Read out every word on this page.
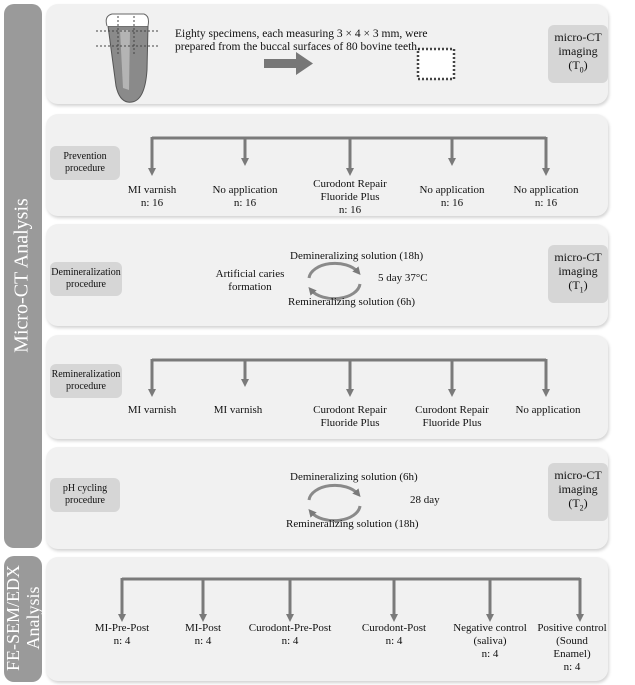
Micro-CT Analysis
FE-SEM/EDX Analysis
Eighty specimens, each measuring 3 × 4 × 3 mm, were
prepared from the buccal surfaces of 80 bovine teeth.
micro-CT
imaging
$(T_0)$
Prevention
procedure
MI varnish
n: 16
No application
n: 16
Curodont Repair
Fluoride Plus
n: 16
No application
n: 16
No application
n: 16
Demineralization
procedure
Artificial caries
formation
Demineralizing solution (18h)
Remineralizing solution (6h)
5 day 37°C
micro-CT
imaging
$(T_1)$
Remineralization
procedure
MI varnish	MI varnish	Curodont Repair
Fluoride Plus
Curodont Repair
Fluoride Plus
No application
pH cycling
procedure
Demineralizing solution (6h)
Remineralizing solution (18h)
28 day
micro-CT
imaging
$(T_2)$
MI-Pre-Post
n: 4
MI-Post
n: 4
Curodont-Pre-Post
n: 4
Curodont-Post
n: 4
Negative control
(saliva)
n: 4
Positive control
(Sound
Enamel)
n: 4
